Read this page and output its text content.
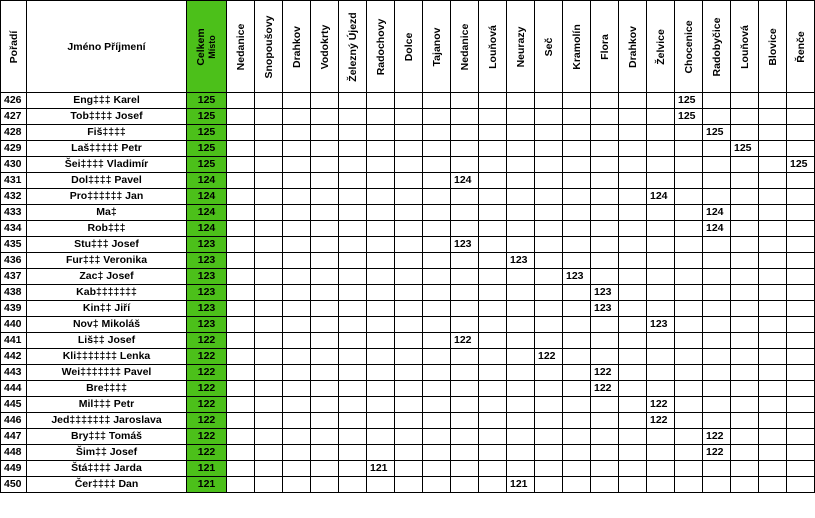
Pořadí	Jméno Příjmení	Celkem Místo	Nedanice	Snopoušovy	Drahkov	Vodokrty	Železný Újezd	Radochovy	Dolce	Tajanov	Nedanice	Louňová	Neurazy	Seč	Kramolín	Flora	Drahkov	Želvice	Chocenice	Radobyčice	Louňová	Blovice	Řenče

426	Eng‡‡‡ Karel	125																	125				
427	Tob‡‡‡‡ Josef	125																	125				
428	Fiš‡‡‡‡	125																		125			
429	Laš‡‡‡‡‡ Petr	125																			125		
430	Šei‡‡‡‡ Vladimír	125																					125
431	Dol‡‡‡‡ Pavel	124									124												
432	Pro‡‡‡‡‡‡ Jan	124																124					
433	Ma‡	124																		124			
434	Rob‡‡‡	124																		124			
435	Stu‡‡‡ Josef	123									123												
436	Fur‡‡‡ Veronika	123											123										
437	Zac‡ Josef	123													123								
438	Kab‡‡‡‡‡‡‡	123														123							
439	Kin‡‡ Jiří	123														123							
440	Nov‡ Mikoláš	123																123					
441	Liš‡‡ Josef	122									122												
442	Kli‡‡‡‡‡‡‡ Lenka	122												122									
443	Wei‡‡‡‡‡‡‡ Pavel	122														122							
444	Bre‡‡‡‡	122														122							
445	Mil‡‡‡ Petr	122																122					
446	Jed‡‡‡‡‡‡‡ Jaroslava	122																122					
447	Bry‡‡‡ Tomáš	122																		122			
448	Šim‡‡ Josef	122																		122			
449	Štá‡‡‡‡ Jarda	121						121															
450	Čer‡‡‡‡ Dan	121											121										
